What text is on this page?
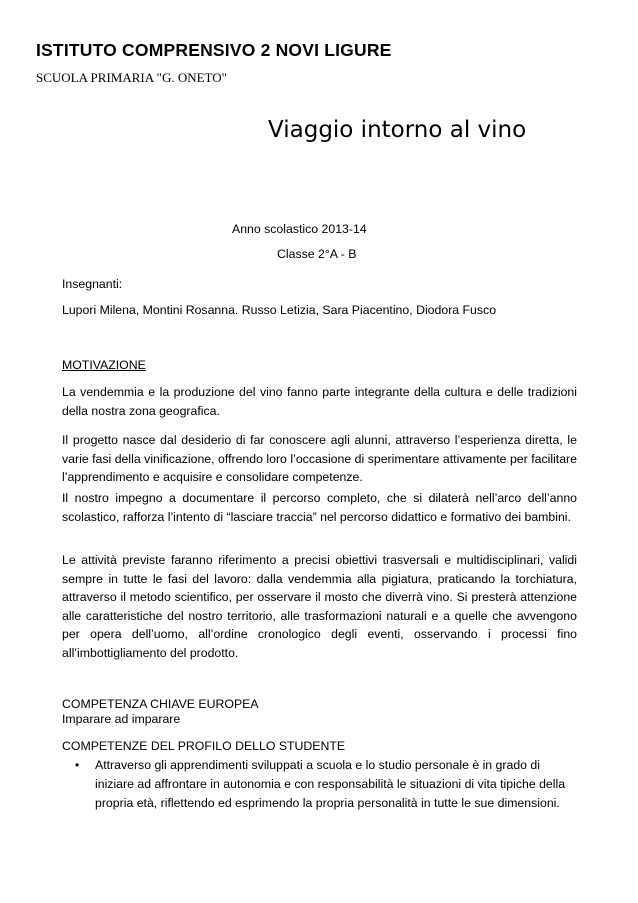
ISTITUTO COMPRENSIVO 2 NOVI LIGURE
SCUOLA PRIMARIA "G. ONETO"
Viaggio intorno al vino
Anno scolastico 2013-14
Classe 2°A - B
Insegnanti:
Lupori Milena, Montini Rosanna. Russo Letizia, Sara Piacentino, Diodora Fusco
MOTIVAZIONE
La vendemmia e la produzione del vino fanno parte integrante della cultura e delle tradizioni della nostra zona geografica.
Il progetto nasce dal desiderio di far conoscere agli alunni, attraverso l’esperienza diretta, le varie fasi della vinificazione, offrendo loro l’occasione di sperimentare attivamente per facilitare l’apprendimento e acquisire e consolidare competenze.
Il nostro impegno a documentare il percorso completo, che si dilaterà nell’arco dell’anno scolastico, rafforza l’intento di “lasciare traccia” nel percorso didattico e formativo dei bambini.
Le attività previste faranno riferimento a precisi obiettivi trasversali e multidisciplinari, validi sempre in tutte le fasi del lavoro: dalla vendemmia alla pigiatura, praticando la torchiatura, attraverso il metodo scientifico, per osservare il mosto che diverrà vino. Si presterà attenzione alle caratteristiche del nostro territorio, alle trasformazioni naturali e a quelle che avvengono per opera dell’uomo, all’ordine cronologico degli eventi, osservando i processi fino all’imbottigliamento del prodotto.
COMPETENZA CHIAVE EUROPEA
Imparare ad imparare
COMPETENZE DEL PROFILO DELLO STUDENTE
• Attraverso gli apprendimenti sviluppati a scuola e lo studio personale è in grado di iniziare ad affrontare in autonomia e con responsabilità le situazioni di vita tipiche della propria età, riflettendo ed esprimendo la propria personalità in tutte le sue dimensioni.
